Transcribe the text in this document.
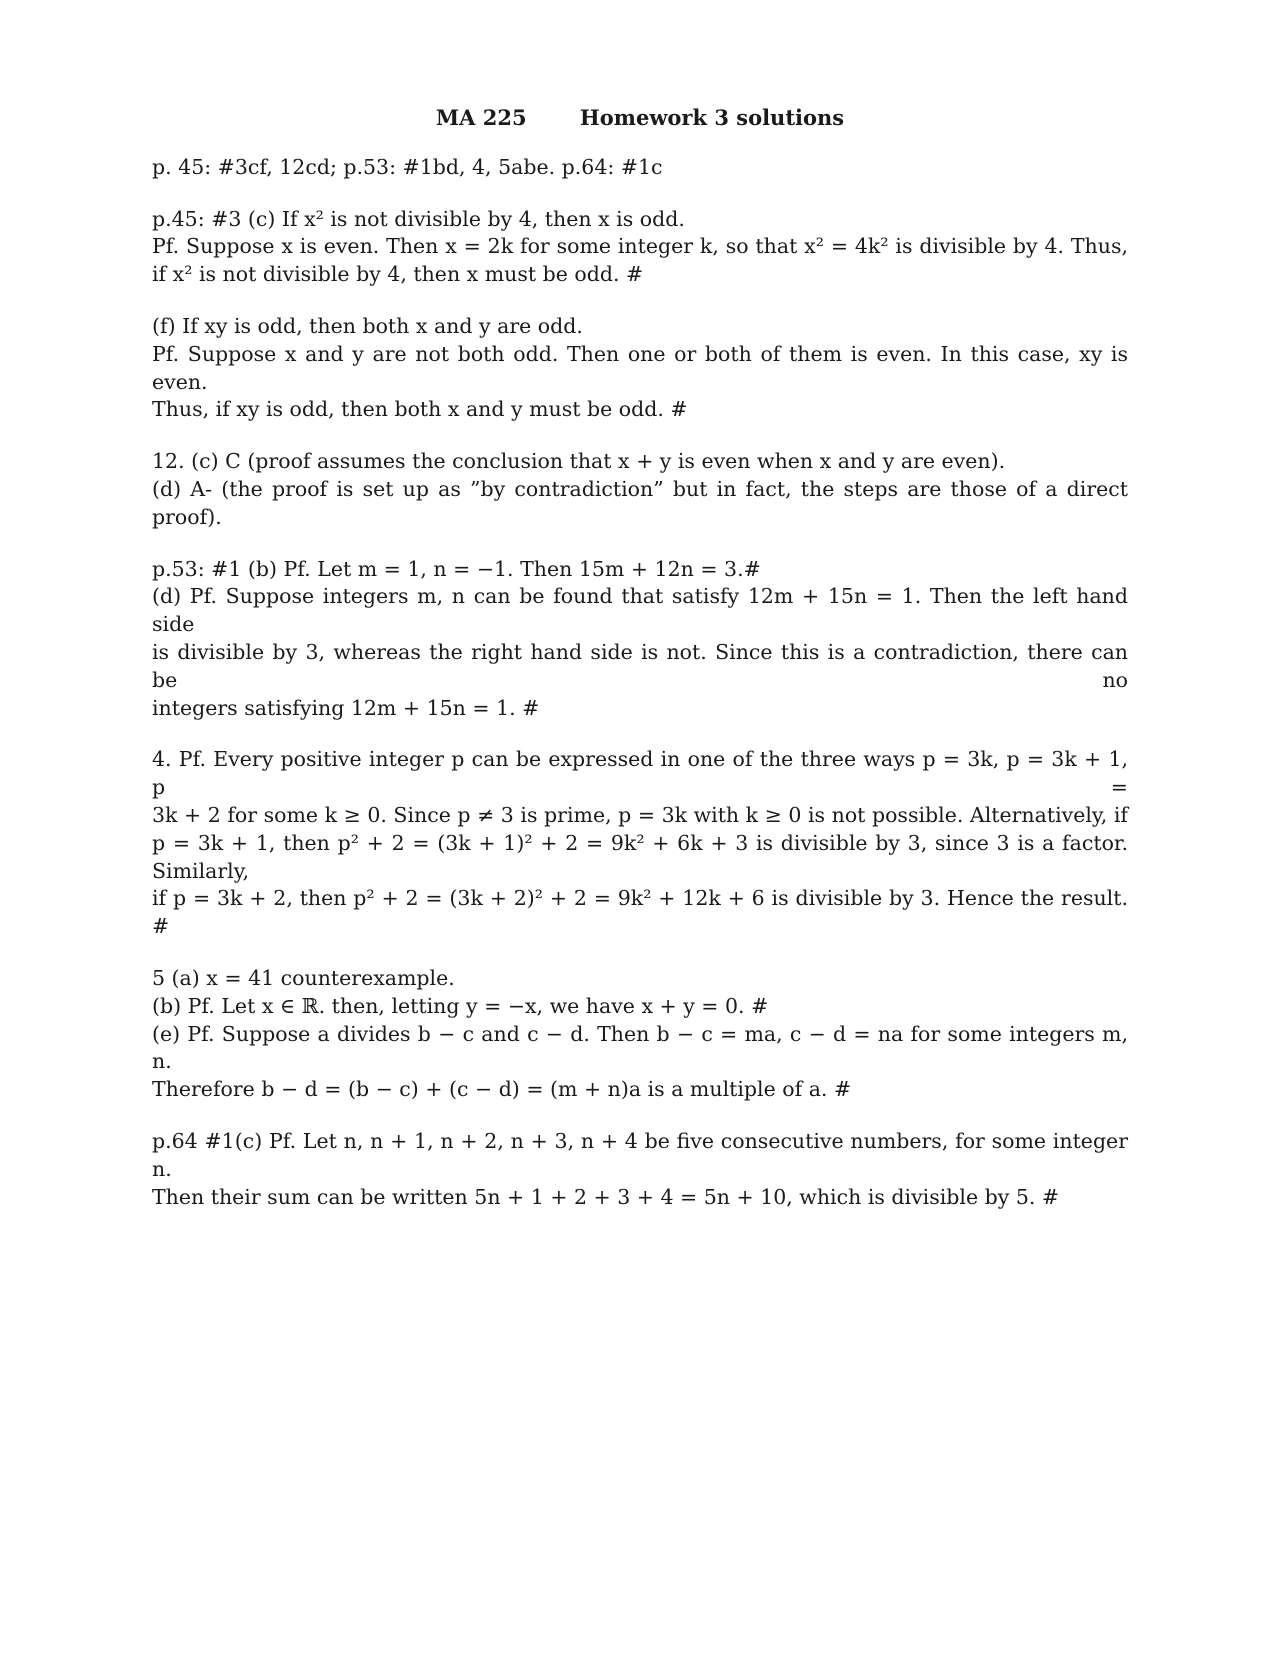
MA 225	Homework 3 solutions
p. 45: #3cf, 12cd; p.53: #1bd, 4, 5abe. p.64: #1c
p.45: #3 (c) If x² is not divisible by 4, then x is odd.
Pf. Suppose x is even. Then x = 2k for some integer k, so that x² = 4k² is divisible by 4. Thus,
if x² is not divisible by 4, then x must be odd. #
(f) If xy is odd, then both x and y are odd.
Pf. Suppose x and y are not both odd. Then one or both of them is even. In this case, xy is even.
Thus, if xy is odd, then both x and y must be odd. #
12. (c) C (proof assumes the conclusion that x + y is even when x and y are even).
(d) A- (the proof is set up as ”by contradiction” but in fact, the steps are those of a direct proof).
p.53: #1 (b) Pf. Let m = 1, n = −1. Then 15m + 12n = 3.#
(d) Pf. Suppose integers m, n can be found that satisfy 12m + 15n = 1. Then the left hand side
is divisible by 3, whereas the right hand side is not. Since this is a contradiction, there can be no
integers satisfying 12m + 15n = 1. #
4. Pf. Every positive integer p can be expressed in one of the three ways p = 3k, p = 3k + 1, p =
3k + 2 for some k ≥ 0. Since p ≠ 3 is prime, p = 3k with k ≥ 0 is not possible. Alternatively, if
p = 3k + 1, then p² + 2 = (3k + 1)² + 2 = 9k² + 6k + 3 is divisible by 3, since 3 is a factor. Similarly,
if p = 3k + 2, then p² + 2 = (3k + 2)² + 2 = 9k² + 12k + 6 is divisible by 3. Hence the result. #
5 (a) x = 41 counterexample.
(b) Pf. Let x ∈ ℝ. then, letting y = −x, we have x + y = 0. #
(e) Pf. Suppose a divides b − c and c − d. Then b − c = ma, c − d = na for some integers m, n.
Therefore b − d = (b − c) + (c − d) = (m + n)a is a multiple of a. #
p.64 #1(c) Pf. Let n, n + 1, n + 2, n + 3, n + 4 be five consecutive numbers, for some integer n.
Then their sum can be written 5n + 1 + 2 + 3 + 4 = 5n + 10, which is divisible by 5. #
